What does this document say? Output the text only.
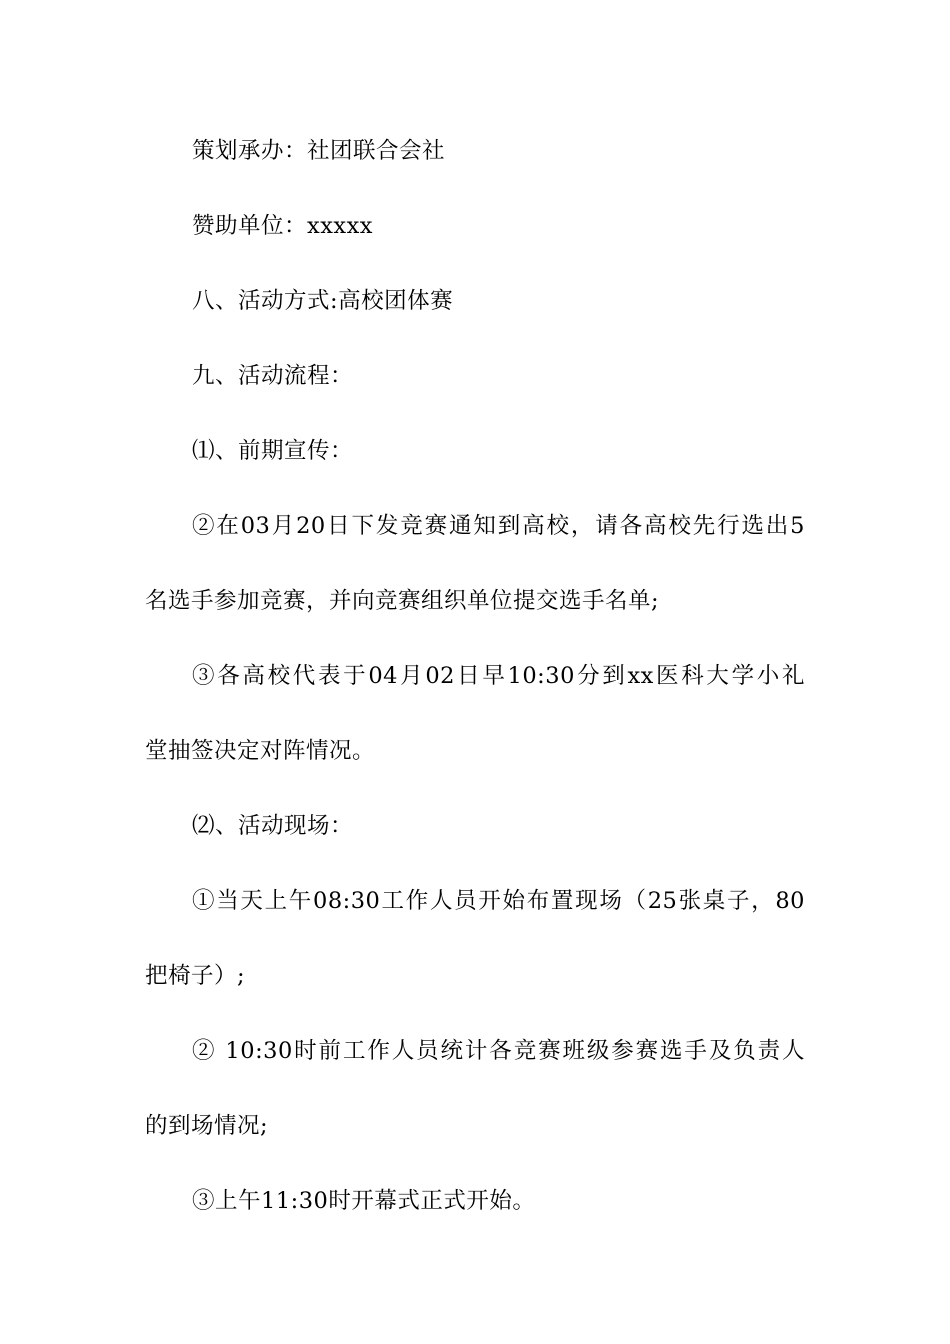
策划承办：社团联合会社
赞助单位：xxxxx
八、活动方式:高校团体赛
九、活动流程：
⑴、前期宣传：
②在03月20日下发竞赛通知到高校，请各高校先行选出5
名选手参加竞赛，并向竞赛组织单位提交选手名单;
③各高校代表于04月02日早10:30分到xx医科大学小礼
堂抽签决定对阵情况。
⑵、活动现场：
①当天上午08:30工作人员开始布置现场（25张桌子，80
把椅子）;
② 10:30时前工作人员统计各竞赛班级参赛选手及负责人
的到场情况;
③上午11:30时开幕式正式开始。
